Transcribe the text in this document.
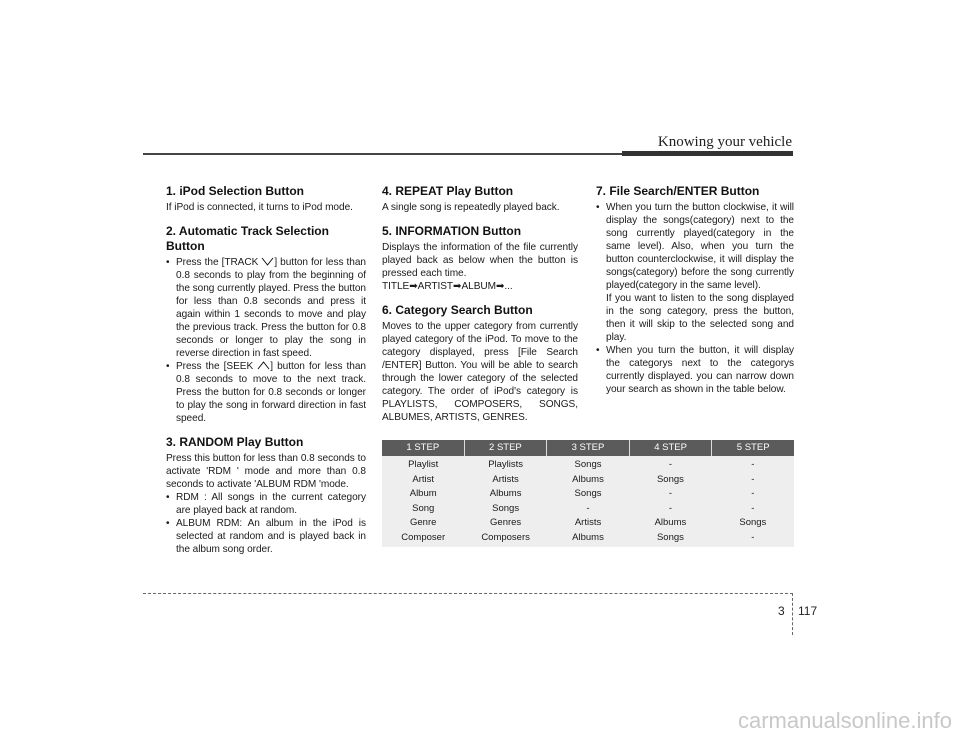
Knowing your vehicle
1. iPod Selection Button

If iPod is connected, it turns to iPod mode.

2. Automatic Track Selection Button
• Press the [TRACK
] button for less than 0.8 seconds to play from the beginning of the song currently played. Press the button for less than 0.8 seconds and press it again within 1 seconds to move and play the previous track. Press the button for 0.8 seconds or longer to play the song in reverse direction in fast speed.
• Press the [SEEK
] button for less than 0.8 seconds to move to the next track. Press the button for 0.8 seconds or longer to play the song in forward direction in fast speed.
3. RANDOM Play Button

Press this button for less than 0.8 seconds to activate 'RDM ' mode and more than 0.8 seconds to activate 'ALBUM RDM 'mode.

• RDM : All songs in the current category are played back at random.
• ALBUM RDM: An album in the iPod is selected at random and is played back in the album song order.
4. REPEAT Play Button

A single song is repeatedly played back.

5. INFORMATION Button

Displays the information of the file currently played back as below when the button is pressed each time.

TITLE➡ARTIST➡ALBUM➡...

6. Category Search Button

Moves to the upper category from currently played category of the iPod. To move to the category displayed, press [File Search /ENTER] Button. You will be able to search through the lower category of the selected category. The order of iPod's category is PLAYLISTS, COMPOSERS, SONGS, ALBUMES, ARTISTS, GENRES.

7. File Search/ENTER Button
• When you turn the button clockwise, it will display the songs(category) next to the song currently played(category in the same level). Also, when you turn the button counterclockwise, it will display the songs(category) before the song currently played(category in the same level).

If you want to listen to the song displayed in the song category, press the button, then it will skip to the selected song and play.

• When you turn the button, it will display the categorys next to the categorys currently displayed. you can narrow down your search as shown in the table below.
1 STEP	2 STEP	3 STEP	4 STEP	5 STEP
Playlist	Playlists	Songs	-	-
Artist	Artists	Albums	Songs	-
Album	Albums	Songs	-	-
Song	Songs	-	-	-
Genre	Genres	Artists	Albums	Songs
Composer	Composers	Albums	Songs	-
3 117
carmanualsonline.info
